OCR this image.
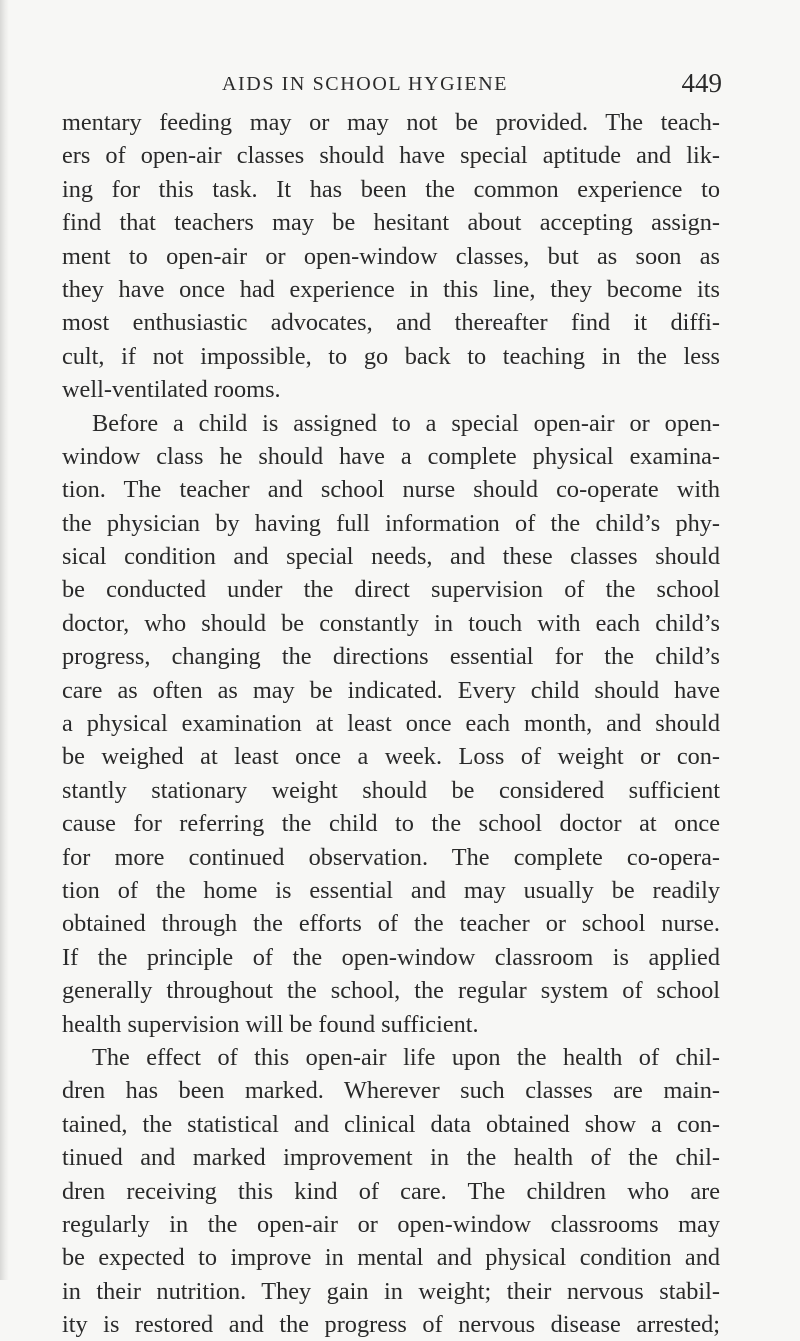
AIDS IN SCHOOL HYGIENE	449
mentary feeding may or may not be provided. The teach-
ers of open-air classes should have special aptitude and lik-
ing for this task. It has been the common experience to
find that teachers may be hesitant about accepting assign-
ment to open-air or open-window classes, but as soon as
they have once had experience in this line, they become its
most enthusiastic advocates, and thereafter find it diffi-
cult, if not impossible, to go back to teaching in the less
well-ventilated rooms.
Before a child is assigned to a special open-air or open-
window class he should have a complete physical examina-
tion. The teacher and school nurse should co-operate with
the physician by having full information of the child’s phy-
sical condition and special needs, and these classes should
be conducted under the direct supervision of the school
doctor, who should be constantly in touch with each child’s
progress, changing the directions essential for the child’s
care as often as may be indicated. Every child should have
a physical examination at least once each month, and should
be weighed at least once a week. Loss of weight or con-
stantly stationary weight should be considered sufficient
cause for referring the child to the school doctor at once
for more continued observation. The complete co-opera-
tion of the home is essential and may usually be readily
obtained through the efforts of the teacher or school nurse.
If the principle of the open-window classroom is applied
generally throughout the school, the regular system of school
health supervision will be found sufficient.
The effect of this open-air life upon the health of chil-
dren has been marked. Wherever such classes are main-
tained, the statistical and clinical data obtained show a con-
tinued and marked improvement in the health of the chil-
dren receiving this kind of care. The children who are
regularly in the open-air or open-window classrooms may
be expected to improve in mental and physical condition and
in their nutrition. They gain in weight; their nervous stabil-
ity is restored and the progress of nervous disease arrested;
